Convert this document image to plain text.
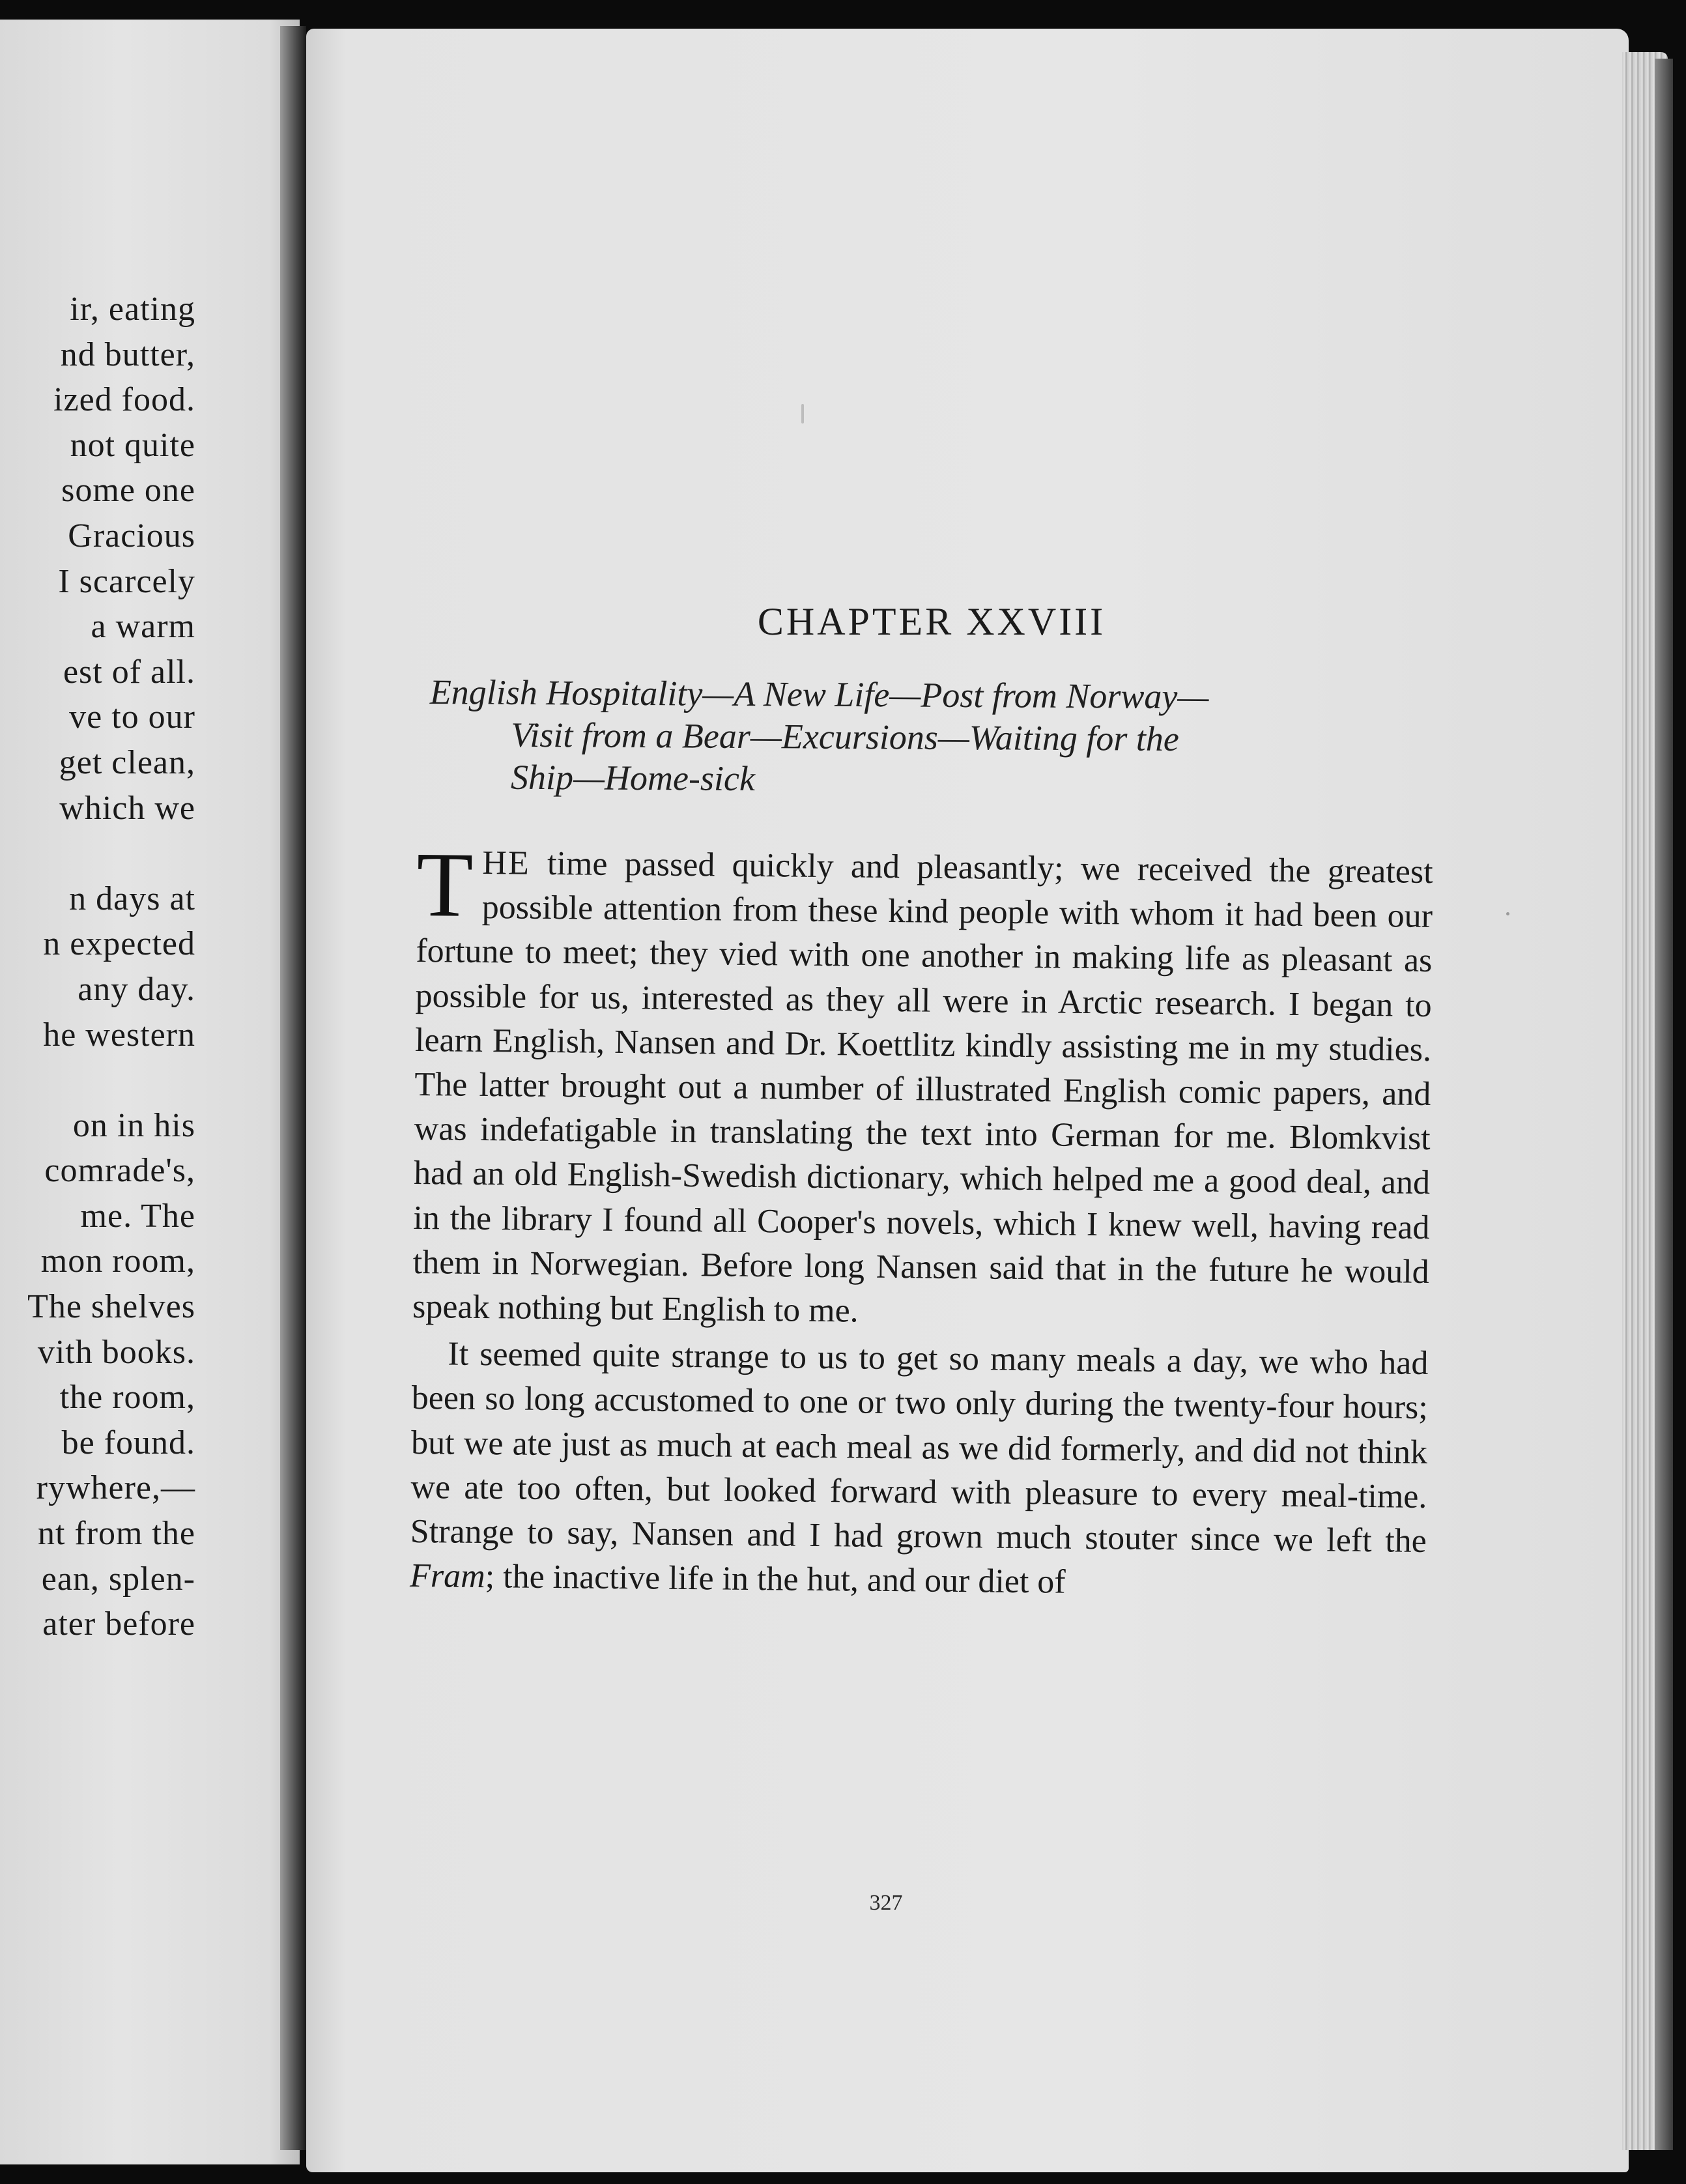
ir, eating
nd butter,
ized food.
not quite
some one
Gracious
I scarcely
a warm
est of all.
ve to our
get clean,
which we
n days at
n expected
any day.
he western
on in his
comrade's,
me. The
mon room,
The shelves
vith books.
the room,
be found.
rywhere,—
nt from the
ean, splen-
ater before
CHAPTER XXVIII
English Hospitality—A New Life—Post from Norway—
Visit from a Bear—Excursions—Waiting for the
Ship—Home-sick

THE time passed quickly and pleasantly; we received the greatest possible attention from these kind people with whom it had been our fortune to meet; they vied with one another in making life as pleasant as possible for us, interested as they all were in Arctic research. I began to learn English, Nansen and Dr. Koettlitz kindly assisting me in my studies. The latter brought out a number of illustrated English comic papers, and was indefatigable in translating the text into German for me. Blomkvist had an old English-Swedish dictionary, which helped me a good deal, and in the library I found all Cooper's novels, which I knew well, having read them in Norwegian. Before long Nansen said that in the future he would speak nothing but English to me.

It seemed quite strange to us to get so many meals a day, we who had been so long accustomed to one or two only during the twenty-four hours; but we ate just as much at each meal as we did formerly, and did not think we ate too often, but looked forward with pleasure to every meal-time. Strange to say, Nansen and I had grown much stouter since we left the Fram; the inactive life in the hut, and our diet of

327
